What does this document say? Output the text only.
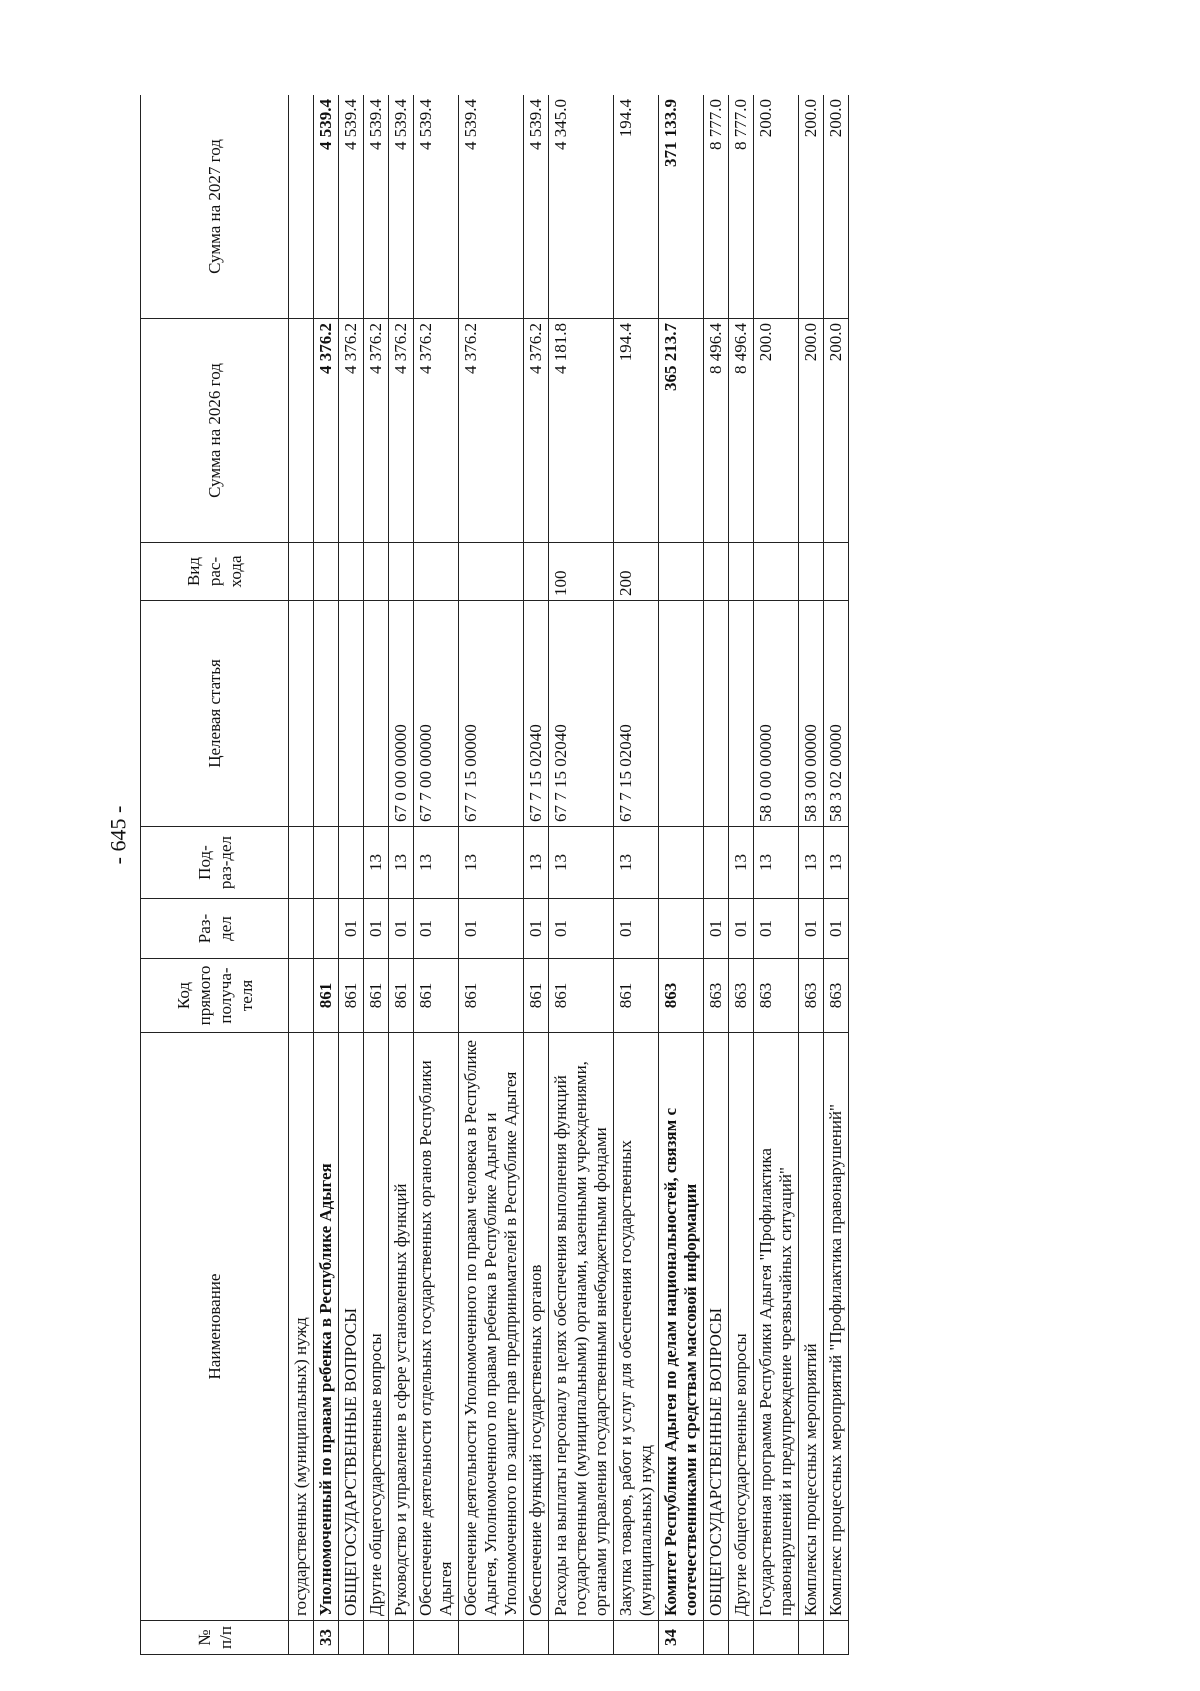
- 645 -
№ п/п	Наименование	Код прямого получа-теля	Раз-дел	Под-раз-дел	Целевая статья	Вид рас-хода	Сумма на 2026 год	Сумма на 2027 год
	государственных (муниципальных) нужд							
33	Уполномоченный по правам ребенка в Республике Адыгея	861					4 376.2	4 539.4
	ОБЩЕГОСУДАРСТВЕННЫЕ ВОПРОСЫ	861	01				4 376.2	4 539.4
	Другие общегосударственные вопросы	861	01	13			4 376.2	4 539.4
	Руководство и управление в сфере установленных функций	861	01	13	67 0 00 00000		4 376.2	4 539.4
	Обеспечение деятельности отдельных государственных органов Республики Адыгея	861	01	13	67 7 00 00000		4 376.2	4 539.4
	Обеспечение деятельности Уполномоченного по правам человека в Республике Адыгея, Уполномоченного по правам ребенка в Республике Адыгея и Уполномоченного по защите прав предпринимателей в Республике Адыгея	861	01	13	67 7 15 00000		4 376.2	4 539.4
	Обеспечение функций государственных органов	861	01	13	67 7 15 02040		4 376.2	4 539.4
	Расходы на выплаты персоналу в целях обеспечения выполнения функций государственными (муниципальными) органами, казенными учреждениями, органами управления государственными внебюджетными фондами	861	01	13	67 7 15 02040	100	4 181.8	4 345.0
	Закупка товаров, работ и услуг для обеспечения государственных (муниципальных) нужд	861	01	13	67 7 15 02040	200	194.4	194.4
34	Комитет Республики Адыгея по делам национальностей, связям с соотечественниками и средствам массовой информации	863					365 213.7	371 133.9
	ОБЩЕГОСУДАРСТВЕННЫЕ ВОПРОСЫ	863	01				8 496.4	8 777.0
	Другие общегосударственные вопросы	863	01	13			8 496.4	8 777.0
	Государственная программа Республики Адыгея "Профилактика правонарушений и предупреждение чрезвычайных ситуаций"	863	01	13	58 0 00 00000		200.0	200.0
	Комплексы процессных мероприятий	863	01	13	58 3 00 00000		200.0	200.0
	Комплекс процессных мероприятий "Профилактика правонарушений"	863	01	13	58 3 02 00000		200.0	200.0
